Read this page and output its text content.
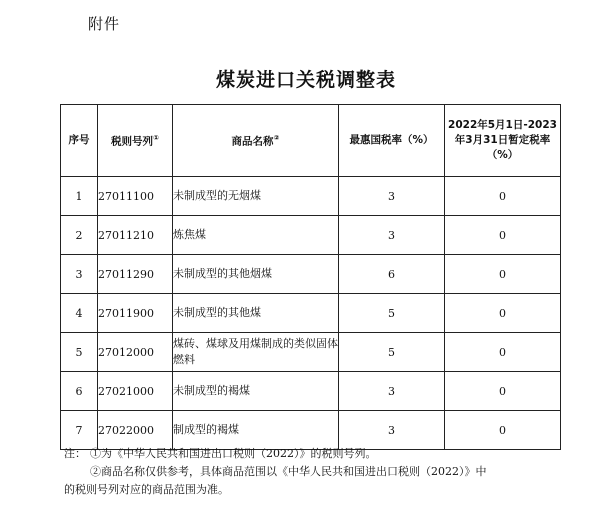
附件
煤炭进口关税调整表
序号	税则号列①	商品名称②	最惠国税率（%）	2022年5月1日-2023
年3月31日暂定税率
（%）

1	27011100	未制成型的无烟煤	3	0
2	27011210	炼焦煤	3	0
3	27011290	未制成型的其他烟煤	6	0
4	27011900	未制成型的其他煤	5	0
5	27012000	煤砖、煤球及用煤制成的类似固体燃料	5	0
6	27021000	未制成型的褐煤	3	0
7	27022000	制成型的褐煤	3	0
注： ①为《中华人民共和国进出口税则（2022）》的税则号列。
②商品名称仅供参考，具体商品范围以《中华人民共和国进出口税则（2022）》中
的税则号列对应的商品范围为准。
